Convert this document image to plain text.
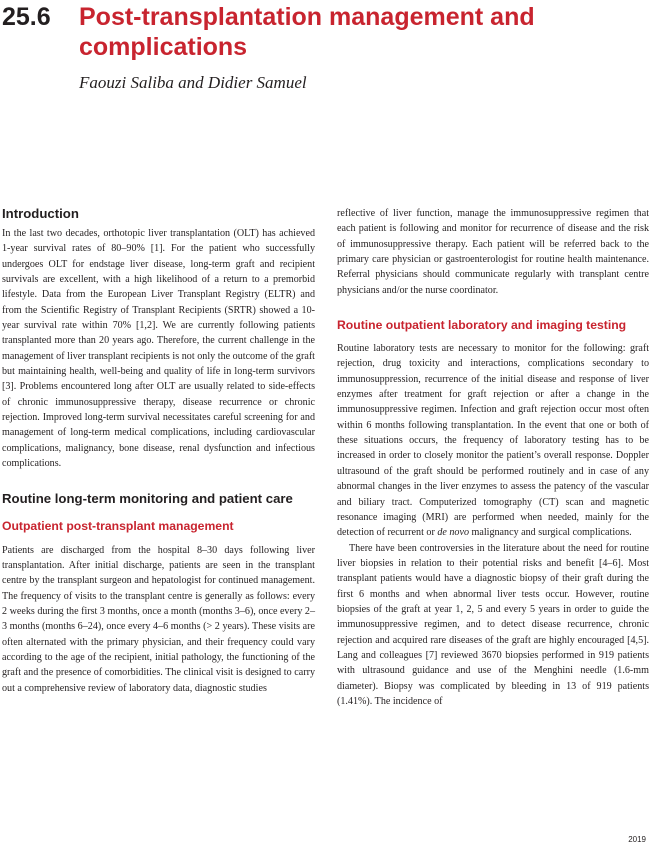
25.6 Post-transplantation management and complications
Faouzi Saliba and Didier Samuel
Introduction

In the last two decades, orthotopic liver transplantation (OLT) has achieved 1-year survival rates of 80–90% [1]. For the patient who successfully undergoes OLT for endstage liver disease, long-term graft and recipient survivals are excellent, with a high likelihood of a return to a premorbid lifestyle. Data from the European Liver Transplant Registry (ELTR) and from the Scientific Registry of Transplant Recipients (SRTR) showed a 10-year survival rate within 70% [1,2]. We are currently following patients transplanted more than 20 years ago. Therefore, the current challenge in the management of liver transplant recipients is not only the outcome of the graft but maintaining health, well-being and quality of life in long-term survivors [3]. Problems encountered long after OLT are usually related to side-effects of chronic immunosuppressive therapy, disease recurrence or chronic rejection. Improved long-term survival necessitates careful screening for and management of long-term medical complications, including cardiovascular complications, malignancy, bone disease, renal dysfunction and infectious complications.

Routine long-term monitoring and patient care
Outpatient post-transplant management

Patients are discharged from the hospital 8–30 days following liver transplantation. After initial discharge, patients are seen in the transplant centre by the transplant surgeon and hepatologist for continued management. The frequency of visits to the transplant centre is generally as follows: every 2 weeks during the first 3 months, once a month (months 3–6), once every 2–3 months (months 6–24), once every 4–6 months (> 2 years). These visits are often alternated with the primary physician, and their frequency could vary according to the age of the recipient, initial pathology, the functioning of the graft and the presence of comorbidities. The clinical visit is designed to carry out a comprehensive review of laboratory data, diagnostic studies

reflective of liver function, manage the immunosuppressive regimen that each patient is following and monitor for recurrence of disease and the risk of immunosuppressive therapy. Each patient will be referred back to the primary care physician or gastroenterologist for routine health maintenance. Referral physicians should communicate regularly with transplant centre physicians and/or the nurse coordinator.

Routine outpatient laboratory and imaging testing

Routine laboratory tests are necessary to monitor for the following: graft rejection, drug toxicity and interactions, complications secondary to immunosuppression, recurrence of the initial disease and response of liver enzymes after treatment for graft rejection or after a change in the immunosuppressive regimen. Infection and graft rejection occur most often within 6 months following transplantation. In the event that one or both of these situations occurs, the frequency of laboratory testing has to be increased in order to closely monitor the patient’s overall response. Doppler ultrasound of the graft should be performed routinely and in case of any abnormal changes in the liver enzymes to assess the patency of the vascular and biliary tract. Computerized tomography (CT) scan and magnetic resonance imaging (MRI) are performed when needed, mainly for the detection of recurrent or de novo malignancy and surgical complications.

There have been controversies in the literature about the need for routine liver biopsies in relation to their potential risks and benefit [4–6]. Most transplant patients would have a diagnostic biopsy of their graft during the first 6 months and when abnormal liver tests occur. However, routine biopsies of the graft at year 1, 2, 5 and every 5 years in order to guide the immunosuppressive regimen, and to detect disease recurrence, chronic rejection and acquired rare diseases of the graft are highly encouraged [4,5]. Lang and colleagues [7] reviewed 3670 biopsies performed in 919 patients with ultrasound guidance and use of the Menghini needle (1.6-mm diameter). Biopsy was complicated by bleeding in 13 of 919 patients (1.41%). The incidence of

2019
